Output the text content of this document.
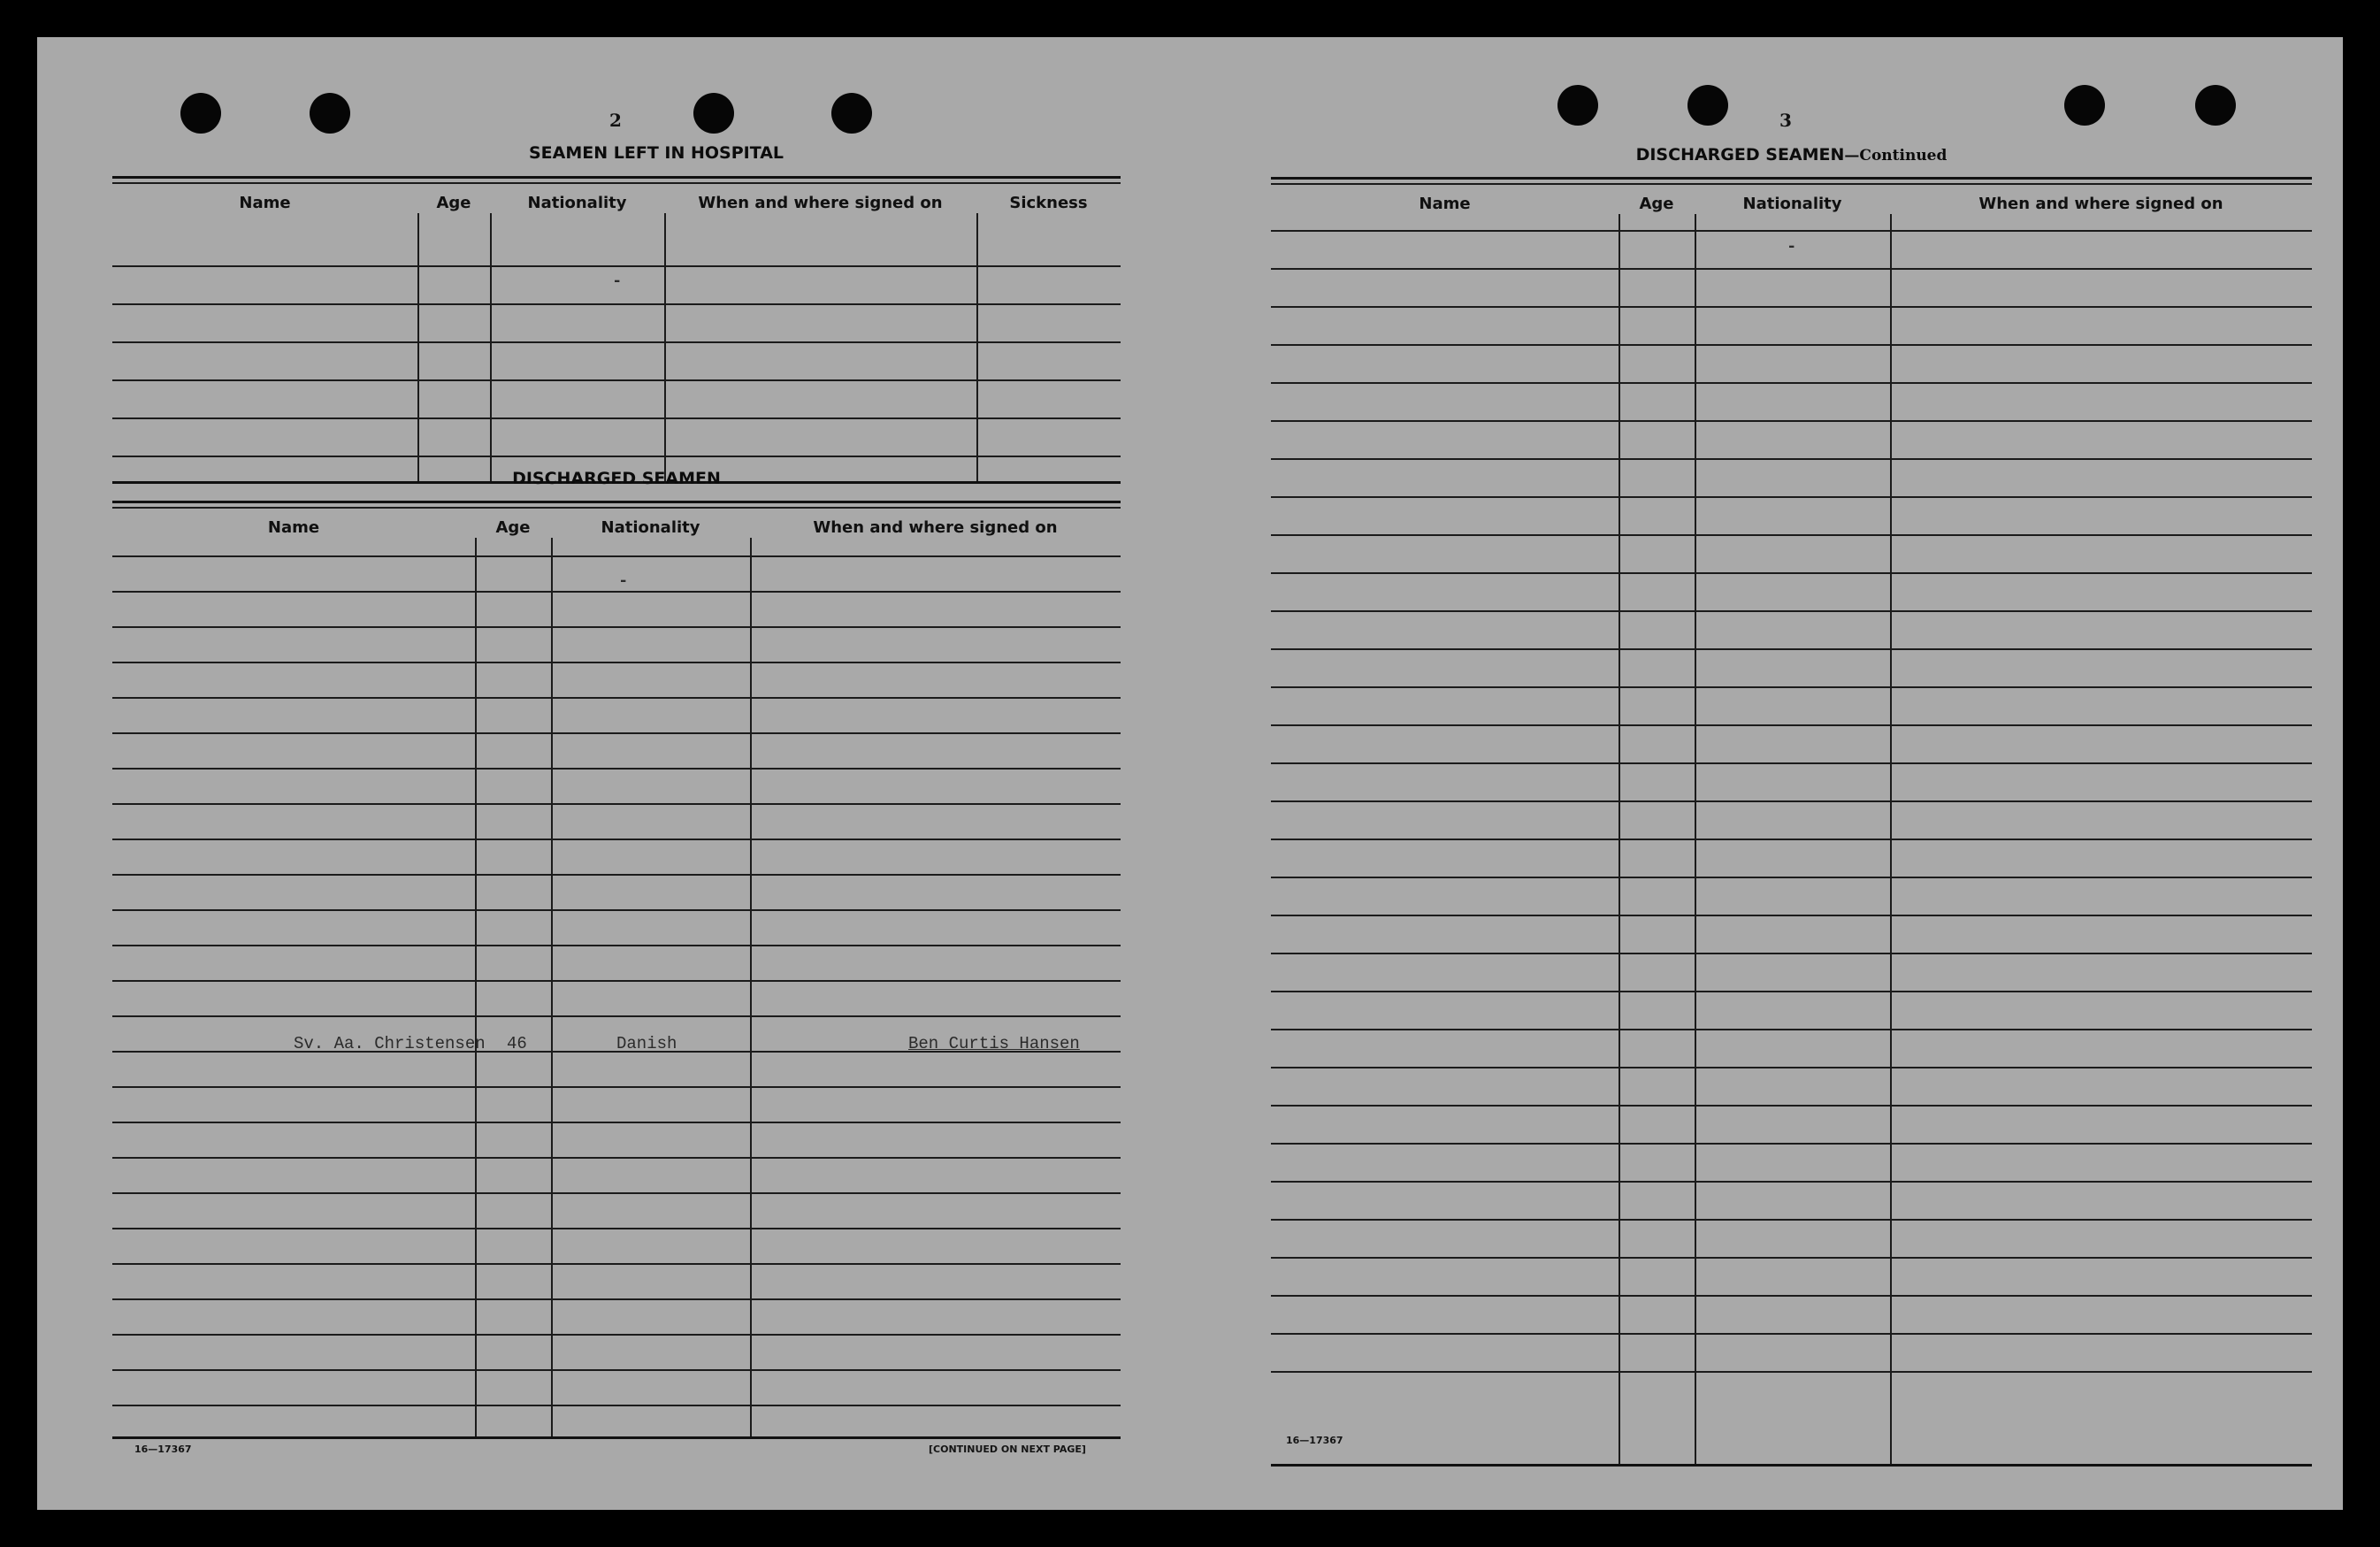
2
SEAMEN LEFT IN HOSPITAL
Name	Age	Nationality	When and where signed on	Sickness
-
DISCHARGED SEAMEN
Name	Age	Nationality	When and where signed on
-
Sv. Aa. Christensen 46	Danish	Ben Curtis Hansen
16—17367	[CONTINUED ON NEXT PAGE]
3
DISCHARGED SEAMEN—Continued
Name	Age	Nationality	When and where signed on
-
16—17367
